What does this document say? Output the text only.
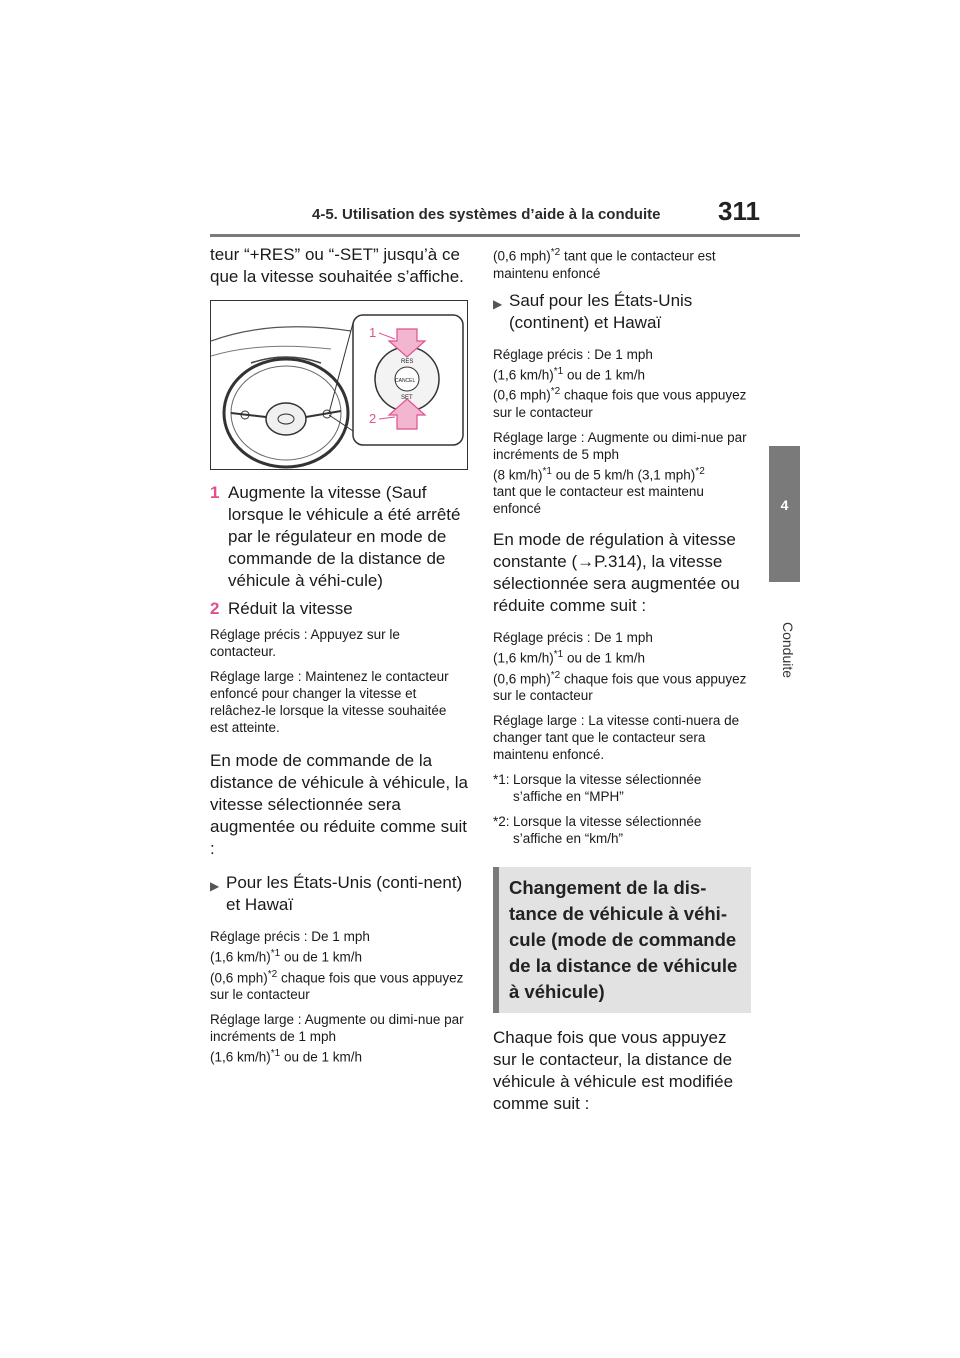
4-5. Utilisation des systèmes d’aide à la conduite 311
4
Conduite

teur “+RES” ou “-SET” jusqu’à ce que la vitesse souhaitée s’affiche.

1
2
RES
CANCEL
SET
1 Augmente la vitesse (Sauf lorsque le véhicule a été arrêté par le régulateur en mode de commande de la distance de véhicule à véhi-cule)
2 Réduit la vitesse

Réglage précis : Appuyez sur le contacteur.

Réglage large : Maintenez le contacteur enfoncé pour changer la vitesse et relâchez-le lorsque la vitesse souhaitée est atteinte.

En mode de commande de la distance de véhicule à véhicule, la vitesse sélectionnée sera augmentée ou réduite comme suit :

▶ Pour les États-Unis (conti-nent) et Hawaï

Réglage précis : De 1 mph
(1,6 km/h)$^{*1}$ ou de 1 km/h
(0,6 mph)$^{*2}$ chaque fois que vous appuyez sur le contacteur

Réglage large : Augmente ou dimi-nue par incréments de 1 mph
(1,6 km/h)$^{*1}$ ou de 1 km/h

(0,6 mph)$^{*2}$ tant que le contacteur est maintenu enfoncé

▶ Sauf pour les États-Unis (continent) et Hawaï

Réglage précis : De 1 mph
(1,6 km/h)$^{*1}$ ou de 1 km/h
(0,6 mph)$^{*2}$ chaque fois que vous appuyez sur le contacteur

Réglage large : Augmente ou dimi-nue par incréments de 5 mph
(8 km/h)$^{*1}$ ou de 5 km/h (3,1 mph)$^{*2}$
tant que le contacteur est maintenu enfoncé

En mode de régulation à vitesse constante (→P.314), la vitesse sélectionnée sera augmentée ou réduite comme suit :

Réglage précis : De 1 mph
(1,6 km/h)$^{*1}$ ou de 1 km/h
(0,6 mph)$^{*2}$ chaque fois que vous appuyez sur le contacteur

Réglage large : La vitesse conti-nuera de changer tant que le contacteur sera maintenu enfoncé.

*1: Lorsque la vitesse sélectionnée s’affiche en “MPH”
*2: Lorsque la vitesse sélectionnée s’affiche en “km/h”
Changement de la dis-tance de véhicule à véhi-cule (mode de commande de la distance de véhicule à véhicule)

Chaque fois que vous appuyez sur le contacteur, la distance de véhicule à véhicule est modifiée comme suit :
